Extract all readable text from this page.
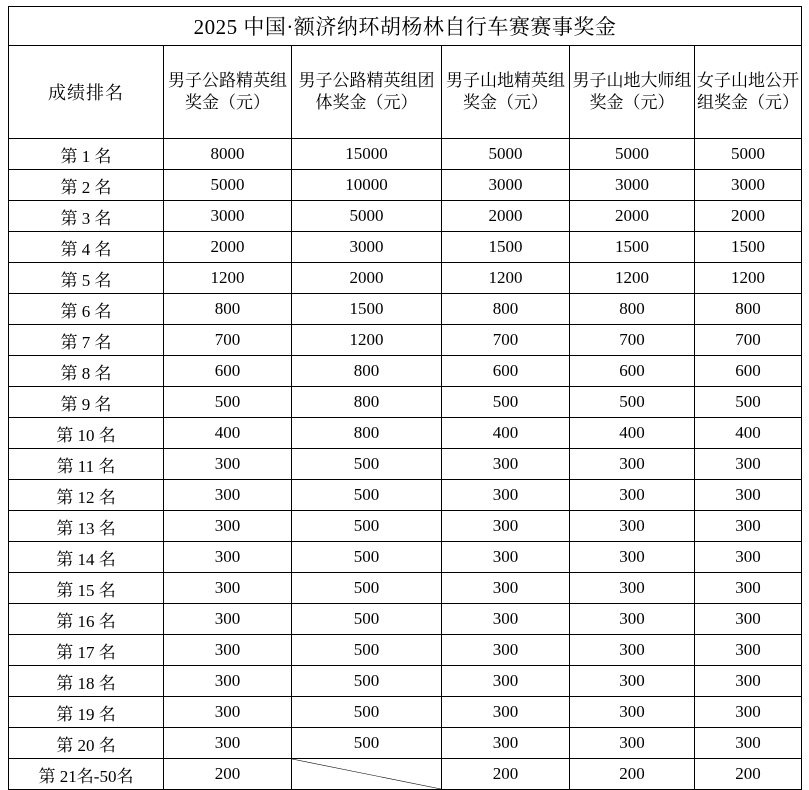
2025 中国·额济纳环胡杨林自行车赛赛事奖金					
成绩排名	男子公路精英组奖金（元）	男子公路精英组团体奖金（元）	男子山地精英组奖金（元）	男子山地大师组奖金（元）	女子山地公开组奖金（元）
第 1 名	8000	15000	5000	5000	5000
第 2 名	5000	10000	3000	3000	3000
第 3 名	3000	5000	2000	2000	2000
第 4 名	2000	3000	1500	1500	1500
第 5 名	1200	2000	1200	1200	1200
第 6 名	800	1500	800	800	800
第 7 名	700	1200	700	700	700
第 8 名	600	800	600	600	600
第 9 名	500	800	500	500	500
第 10 名	400	800	400	400	400
第 11 名	300	500	300	300	300
第 12 名	300	500	300	300	300
第 13 名	300	500	300	300	300
第 14 名	300	500	300	300	300
第 15 名	300	500	300	300	300
第 16 名	300	500	300	300	300
第 17 名	300	500	300	300	300
第 18 名	300	500	300	300	300
第 19 名	300	500	300	300	300
第 20 名	300	500	300	300	300
第 21名-50名	200		200	200	200
